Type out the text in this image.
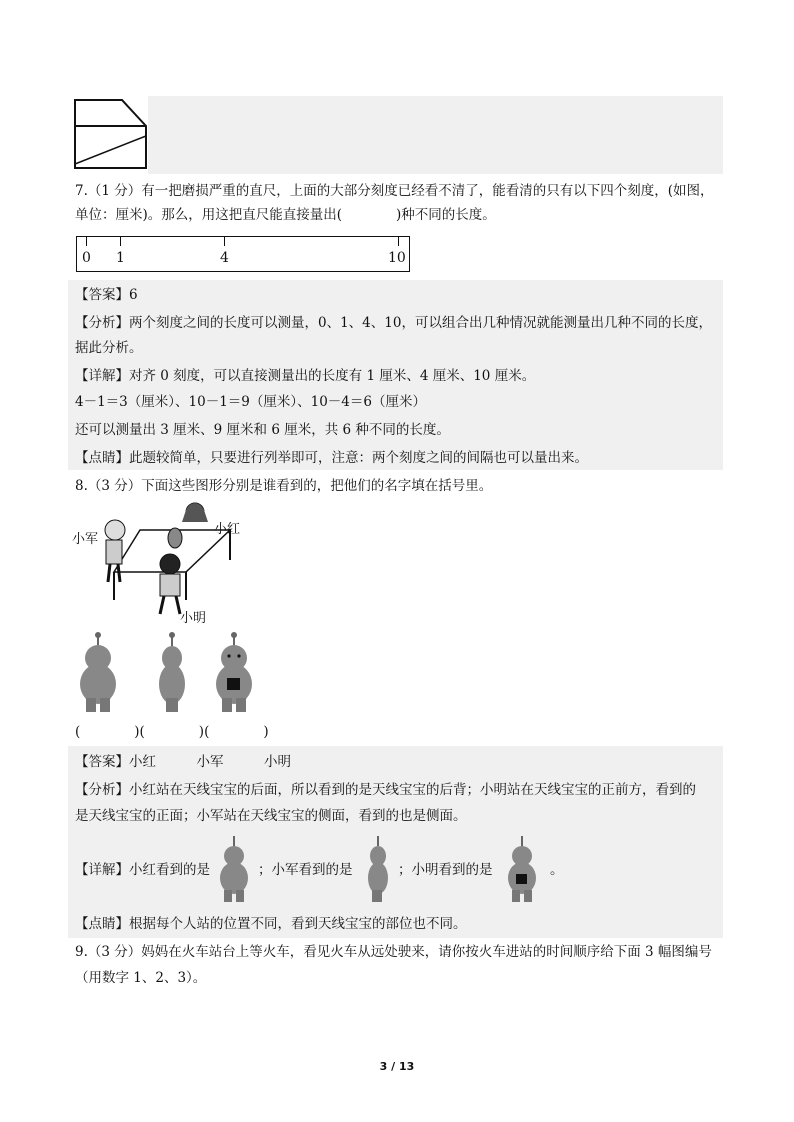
7.（1 分）有一把磨损严重的直尺，上面的大部分刻度已经看不清了，能看清的只有以下四个刻度，(如图，
单位：厘米)。那么，用这把直尺能直接量出(　　　　)种不同的长度。
0 1	4	10
【答案】6
【分析】两个刻度之间的长度可以测量，0、1、4、10，可以组合出几种情况就能测量出几种不同的长度，
据此分析。
【详解】对齐 0 刻度，可以直接测量出的长度有 1 厘米、4 厘米、10 厘米。
4－1＝3（厘米）、10－1＝9（厘米）、10－4＝6（厘米）
还可以测量出 3 厘米、9 厘米和 6 厘米，共 6 种不同的长度。
【点睛】此题较简单，只要进行列举即可，注意：两个刻度之间的间隔也可以量出来。
8.（3 分）下面这些图形分别是谁看到的，把他们的名字填在括号里。
小军
小红
小明
(　　　　)(　　　　)(　　　　)
【答案】小红　　　小军　　　小明
【分析】小红站在天线宝宝的后面，所以看到的是天线宝宝的后背；小明站在天线宝宝的正前方，看到的
是天线宝宝的正面；小军站在天线宝宝的侧面，看到的也是侧面。
【详解】小红看到的是	；小军看到的是	；小明看到的是	。
【点睛】根据每个人站的位置不同，看到天线宝宝的部位也不同。
9.（3 分）妈妈在火车站台上等火车，看见火车从远处驶来，请你按火车进站的时间顺序给下面 3 幅图编号
（用数字 1、2、3）。
3 / 13
